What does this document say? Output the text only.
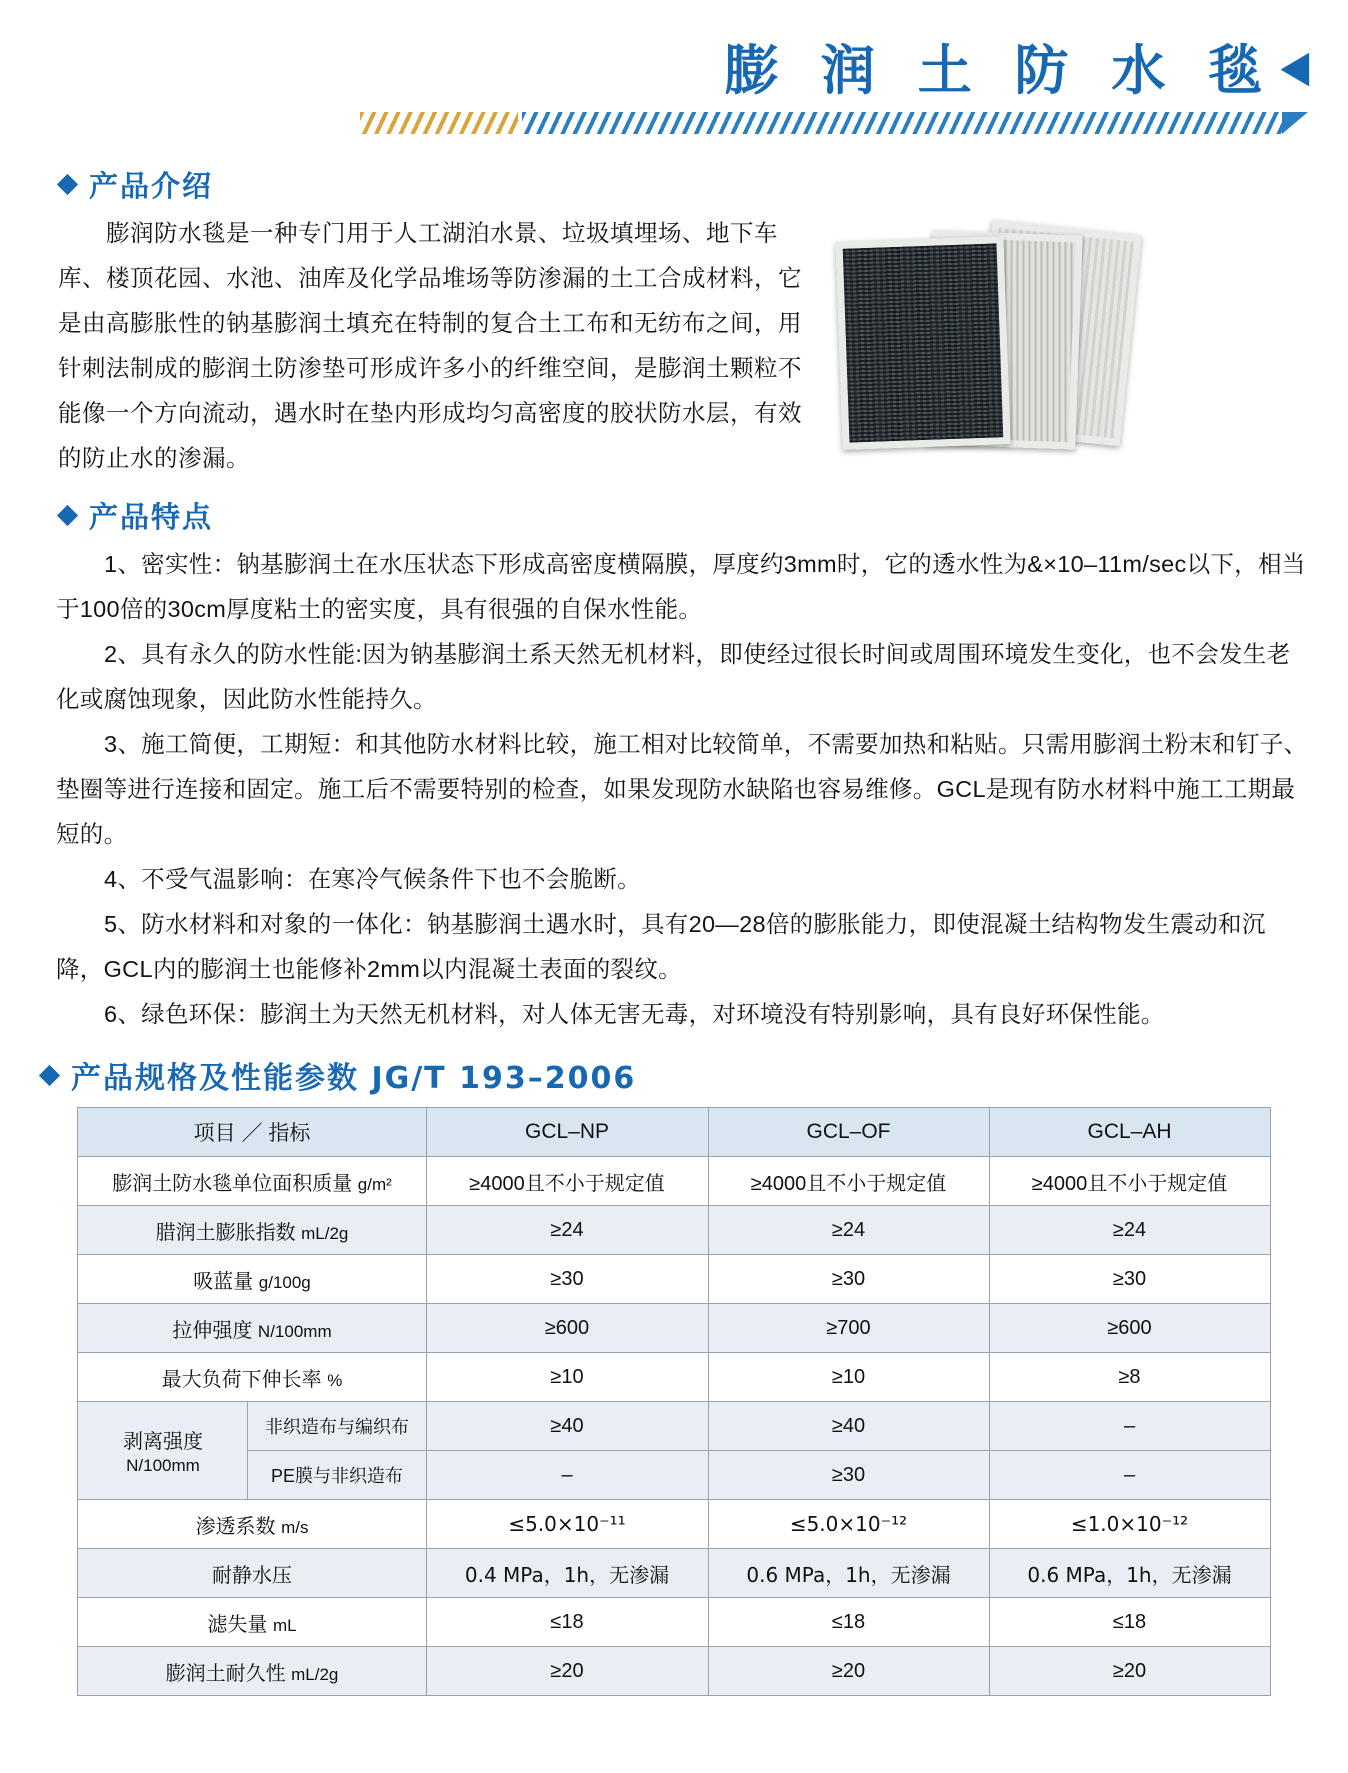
膨 润 土 防 水 毯 ◀
产品介绍
膨润防水毯是一种专门用于人工湖泊水景、垃圾填埋场、地下车库、楼顶花园、水池、油库及化学品堆场等防渗漏的土工合成材料，它是由高膨胀性的钠基膨润土填充在特制的复合土工布和无纺布之间，用针刺法制成的膨润土防渗垫可形成许多小的纤维空间，是膨润土颗粒不能像一个方向流动，遇水时在垫内形成均匀高密度的胶状防水层，有效的防止水的渗漏。
产品特点

1、密实性：钠基膨润土在水压状态下形成高密度横隔膜，厚度约3mm时，它的透水性为&×10–11m/sec以下，相当于100倍的30cm厚度粘土的密实度，具有很强的自保水性能。

2、具有永久的防水性能:因为钠基膨润土系天然无机材料，即使经过很长时间或周围环境发生变化，也不会发生老化或腐蚀现象，因此防水性能持久。

3、施工简便，工期短：和其他防水材料比较，施工相对比较简单，不需要加热和粘贴。只需用膨润土粉末和钉子、垫圈等进行连接和固定。施工后不需要特别的检查，如果发现防水缺陷也容易维修。GCL是现有防水材料中施工工期最短的。

4、不受气温影响：在寒冷气候条件下也不会脆断。

5、防水材料和对象的一体化：钠基膨润土遇水时，具有20—28倍的膨胀能力，即使混凝土结构物发生震动和沉降，GCL内的膨润土也能修补2mm以内混凝土表面的裂纹。

6、绿色环保：膨润土为天然无机材料，对人体无害无毒，对环境没有特别影响，具有良好环保性能。

产品规格及性能参数 JG/T 193–2006
项目 ／ 指标		GCL–NP	GCL–OF	GCL–AH
膨润土防水毯单位面积质量 g/m²		≥4000且不小于规定值	≥4000且不小于规定值	≥4000且不小于规定值
腊润土膨胀指数 mL/2g		≥24	≥24	≥24
吸蓝量 g/100g		≥30	≥30	≥30
拉伸强度 N/100mm		≥600	≥700	≥600
最大负荷下伸长率 %		≥10	≥10	≥8
剥离强度 N/100mm	非织造布与编织布	≥40	≥40	–
	PE膜与非织造布	–	≥30	–
渗透系数 m/s		≤5.0×10⁻¹¹	≤5.0×10⁻¹²	≤1.0×10⁻¹²
耐静水压		0.4 MPa，1h，无渗漏	0.6 MPa，1h，无渗漏	0.6 MPa，1h，无渗漏
滤失量 mL		≤18	≤18	≤18
膨润土耐久性 mL/2g		≥20	≥20	≥20
